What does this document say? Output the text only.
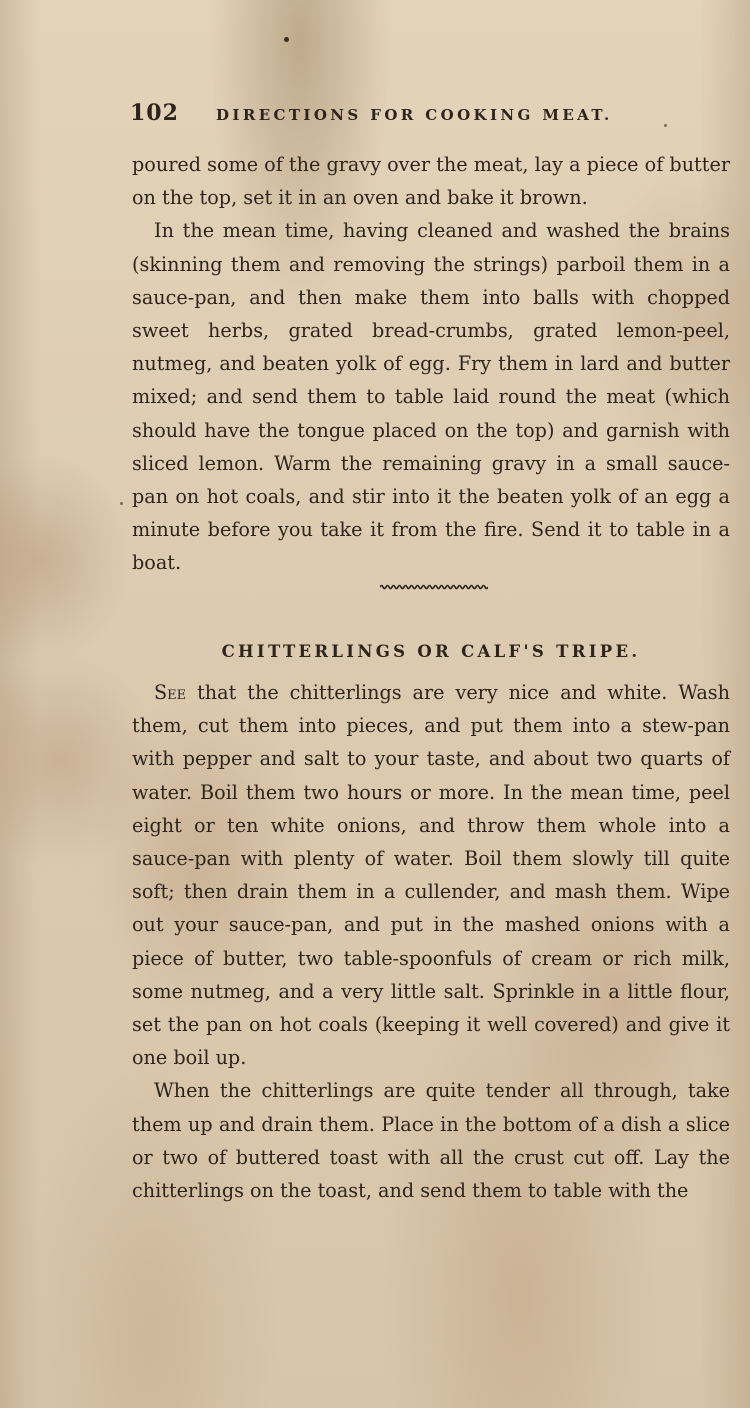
102 DIRECTIONS FOR COOKING MEAT.

poured some of the gravy over the meat, lay a piece of butter on the top, set it in an oven and bake it brown.

In the mean time, having cleaned and washed the brains (skinning them and removing the strings) parboil them in a sauce-pan, and then make them into balls with chopped sweet herbs, grated bread-crumbs, grated lemon-peel, nutmeg, and beaten yolk of egg. Fry them in lard and butter mixed; and send them to table laid round the meat (which should have the tongue placed on the top) and garnish with sliced lemon. Warm the remaining gravy in a small sauce-pan on hot coals, and stir into it the beaten yolk of an egg a minute before you take it from the fire. Send it to table in a boat.

CHITTERLINGS OR CALF'S TRIPE.

See that the chitterlings are very nice and white. Wash them, cut them into pieces, and put them into a stew-pan with pepper and salt to your taste, and about two quarts of water. Boil them two hours or more. In the mean time, peel eight or ten white onions, and throw them whole into a sauce-pan with plenty of water. Boil them slowly till quite soft; then drain them in a cullender, and mash them. Wipe out your sauce-pan, and put in the mashed onions with a piece of butter, two table-spoonfuls of cream or rich milk, some nutmeg, and a very little salt. Sprinkle in a little flour, set the pan on hot coals (keeping it well covered) and give it one boil up.

When the chitterlings are quite tender all through, take them up and drain them. Place in the bottom of a dish a slice or two of buttered toast with all the crust cut off. Lay the chitterlings on the toast, and send them to table with the
